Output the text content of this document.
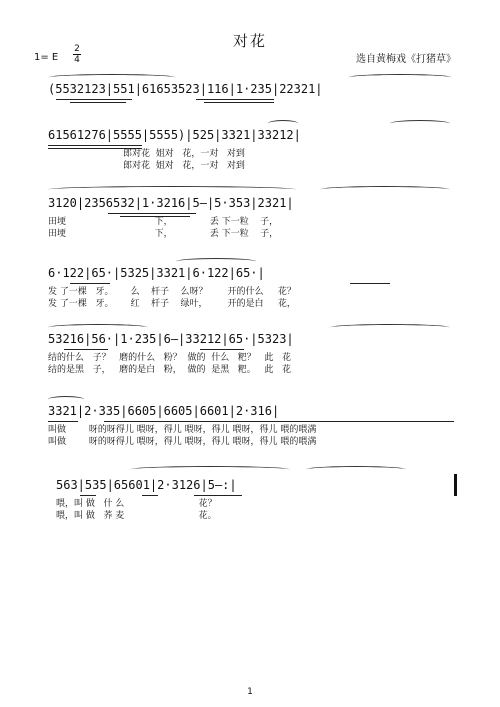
对花
1= E
2
4	选自黄梅戏《打猪草》
(5532123|551|61653523|116|1·235|22321|
61561276|5555|5555)|525|3321|33212|
郎对花  姐对   花，一对   对到
郎对花  姐对   花，一对   对到
3120|2356532|1·3216|5—|5·353|2321|
田埂                               下，             丢 下一粒    子，
田埂                               下，             丢 下一粒    子，
6·122|65·|5325|3321|6·122|65·|
发 了一棵   牙。      么    杆子    么呀？       开的什么     花？
发 了一棵   牙。      红    杆子    绿叶，       开的是白     花，
53216|56·|1·235|6—|33212|65·|5323|
结的什么   子？   磨的什么   粉？  做的  什么   粑？   此   花
结的是黑   子，   磨的是白   粉，  做的  是黑   粑。   此   花
3321|2·335|6605|6605|6601|2·316|
叫做        呀的呀得儿 喂呀，得儿 喂呀，得儿 喂呀，得儿 喂的喂满
叫做        呀的呀得儿 喂呀，得儿 喂呀，得儿 喂呀，得儿 喂的喂满
563|535|65601|2·3126|5—:|
喂，叫 做   什 么                          花？
喂，叫 做   荞 麦                          花。
1
